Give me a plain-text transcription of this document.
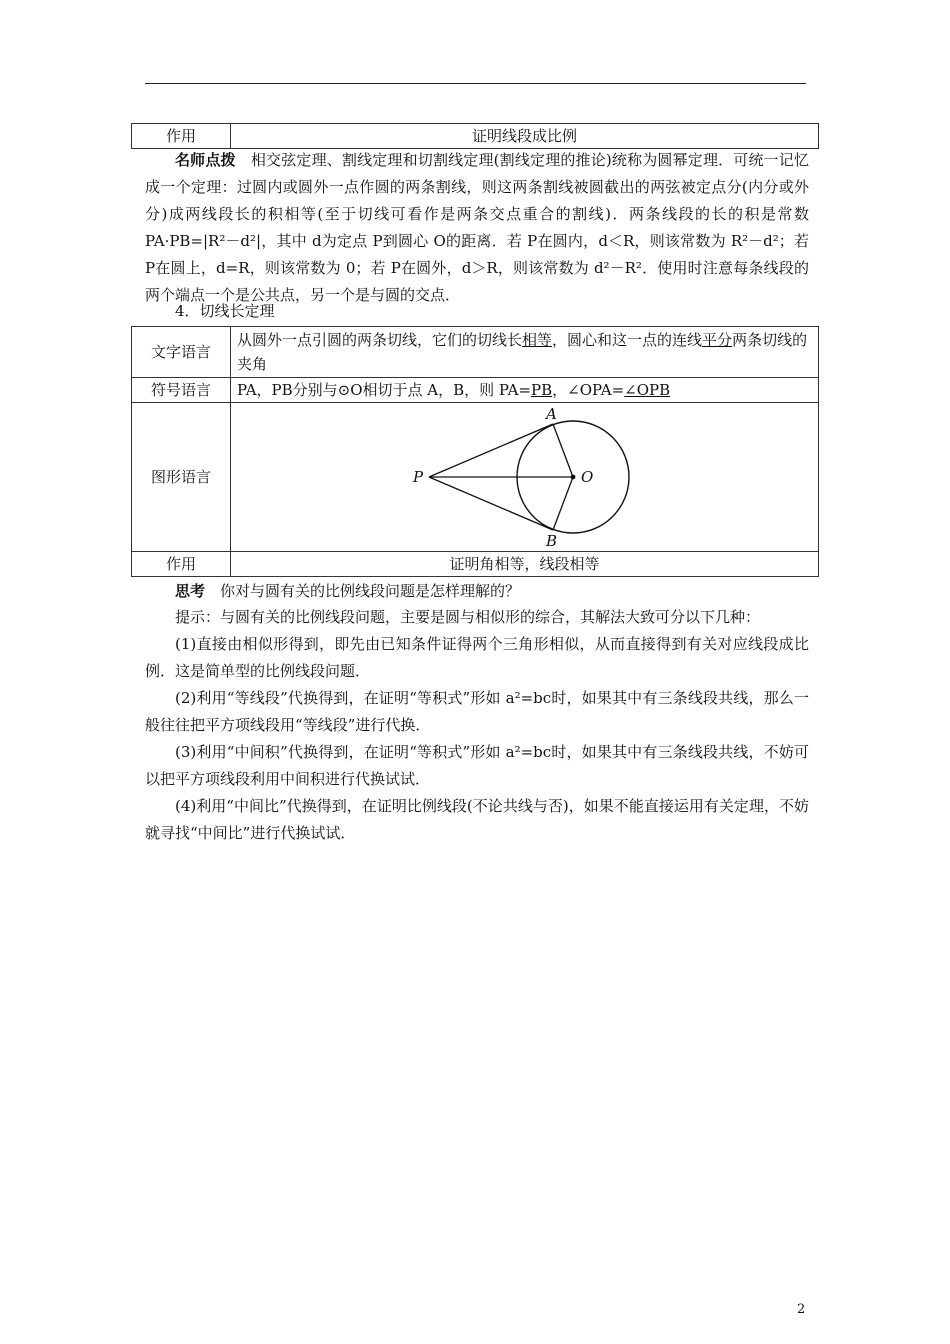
作用	证明线段成比例
名师点拨　相交弦定理、割线定理和切割线定理(割线定理的推论)统称为圆幂定理．可统一记忆成一个定理：过圆内或圆外一点作圆的两条割线，则这两条割线被圆截出的两弦被定点分(内分或外分)成两线段长的积相等(至于切线可看作是两条交点重合的割线)．两条线段的长的积是常数 PA·PB=|R²－d²|，其中 d为定点 P到圆心 O的距离．若 P在圆内，d＜R，则该常数为 R²－d²；若 P在圆上，d=R，则该常数为 0；若 P在圆外，d＞R，则该常数为 d²－R²．使用时注意每条线段的两个端点一个是公共点，另一个是与圆的交点．
4．切线长定理
文字语言	从圆外一点引圆的两条切线，它们的切线长相等，圆心和这一点的连线平分两条切线的夹角
符号语言	PA，PB分别与⊙O相切于点 A，B，则 PA=PB，∠OPA=∠OPB
图形语言	P O
A
B

作用	证明角相等，线段相等
思考　你对与圆有关的比例线段问题是怎样理解的？
提示：与圆有关的比例线段问题，主要是圆与相似形的综合，其解法大致可分以下几种：
(1)直接由相似形得到，即先由已知条件证得两个三角形相似，从而直接得到有关对应线段成比例．这是简单型的比例线段问题．
(2)利用“等线段”代换得到，在证明“等积式”形如 a²=bc时，如果其中有三条线段共线，那么一般往往把平方项线段用“等线段”进行代换．
(3)利用“中间积”代换得到，在证明“等积式”形如 a²=bc时，如果其中有三条线段共线，不妨可以把平方项线段利用中间积进行代换试试．
(4)利用“中间比”代换得到，在证明比例线段(不论共线与否)，如果不能直接运用有关定理，不妨就寻找“中间比”进行代换试试．
2
